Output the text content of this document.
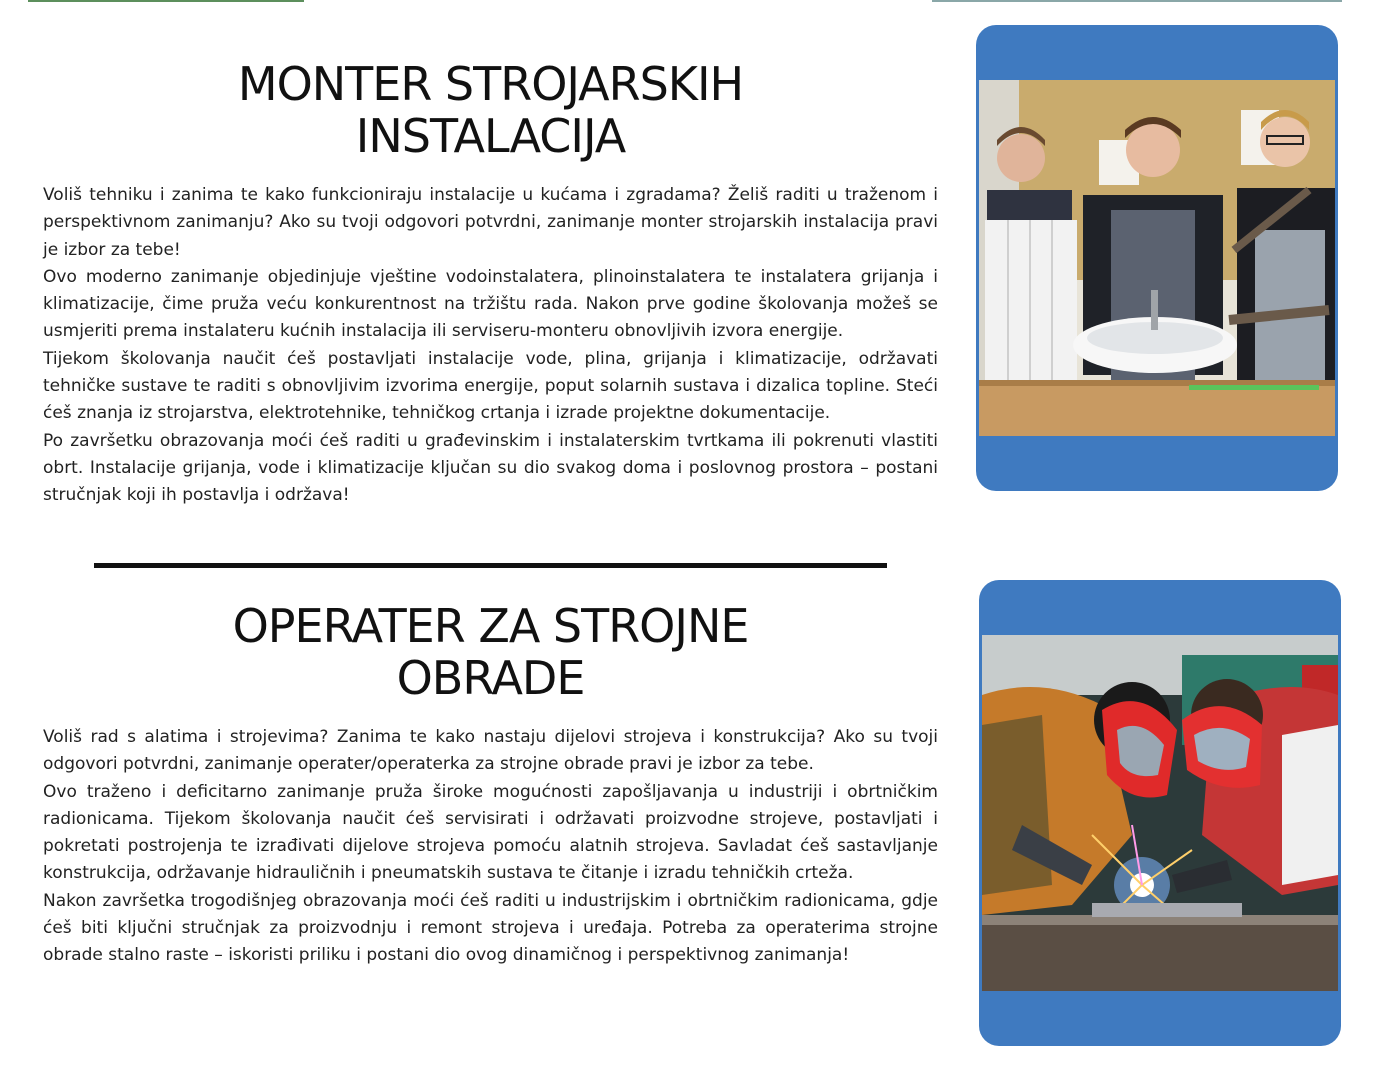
MONTER STROJARSKIH
INSTALACIJA

Voliš tehniku i zanima te kako funkcioniraju instalacije u kućama i zgradama? Želiš raditi u traženom i perspektivnom zanimanju? Ako su tvoji odgovori potvrdni, zanimanje monter strojarskih instalacija pravi je izbor za tebe!

Ovo moderno zanimanje objedinjuje vještine vodoinstalatera, plinoinstalatera te instalatera grijanja i klimatizacije, čime pruža veću konkurentnost na tržištu rada. Nakon prve godine školovanja možeš se usmjeriti prema instalateru kućnih instalacija ili serviseru-monteru obnovljivih izvora energije.

Tijekom školovanja naučit ćeš postavljati instalacije vode, plina, grijanja i klimatizacije, održavati tehničke sustave te raditi s obnovljivim izvorima energije, poput solarnih sustava i dizalica topline. Steći ćeš znanja iz strojarstva, elektrotehnike, tehničkog crtanja i izrade projektne dokumentacije.

Po završetku obrazovanja moći ćeš raditi u građevinskim i instalaterskim tvrtkama ili pokrenuti vlastiti obrt. Instalacije grijanja, vode i klimatizacije ključan su dio svakog doma i poslovnog prostora – postani stručnjak koji ih postavlja i održava!

OPERATER ZA STROJNE
OBRADE

Voliš rad s alatima i strojevima? Zanima te kako nastaju dijelovi strojeva i konstrukcija? Ako su tvoji odgovori potvrdni, zanimanje operater/operaterka za strojne obrade pravi je izbor za tebe.

Ovo traženo i deficitarno zanimanje pruža široke mogućnosti zapošljavanja u industriji i obrtničkim radionicama. Tijekom školovanja naučit ćeš servisirati i održavati proizvodne strojeve, postavljati i pokretati postrojenja te izrađivati dijelove strojeva pomoću alatnih strojeva. Savladat ćeš sastavljanje konstrukcija, održavanje hidrauličnih i pneumatskih sustava te čitanje i izradu tehničkih crteža.

Nakon završetka trogodišnjeg obrazovanja moći ćeš raditi u industrijskim i obrtničkim radionicama, gdje ćeš biti ključni stručnjak za proizvodnju i remont strojeva i uređaja. Potreba za operaterima strojne obrade stalno raste – iskoristi priliku i postani dio ovog dinamičnog i perspektivnog zanimanja!
